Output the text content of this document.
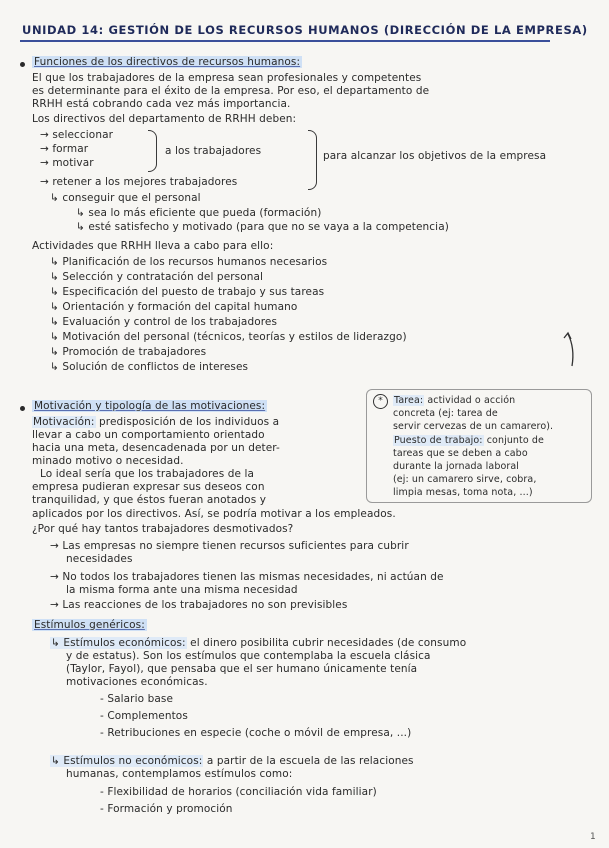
UNIDAD 14: GESTIÓN DE LOS RECURSOS HUMANOS (DIRECCIÓN DE LA EMPRESA)
Funciones de los directivos de recursos humanos:
El que los trabajadores de la empresa sean profesionales y competentes
es determinante para el éxito de la empresa. Por eso, el departamento de
RRHH está cobrando cada vez más importancia.
Los directivos del departamento de RRHH deben:
→ seleccionar
→ formar
→ motivar
a los trabajadores
→ retener a los mejores trabajadores
para alcanzar los objetivos de la empresa
↳ conseguir que el personal
↳ sea lo más eficiente que pueda (formación)
↳ esté satisfecho y motivado (para que no se vaya a la competencia)
Actividades que RRHH lleva a cabo para ello:
↳ Planificación de los recursos humanos necesarios
↳ Selección y contratación del personal
↳ Especificación del puesto de trabajo y sus tareas
↳ Orientación y formación del capital humano
↳ Evaluación y control de los trabajadores
↳ Motivación del personal (técnicos, teorías y estilos de liderazgo)
↳ Promoción de trabajadores
↳ Solución de conflictos de intereses
Motivación y tipología de las motivaciones:
Motivación: predisposición de los individuos a
llevar a cabo un comportamiento orientado
hacia una meta, desencadenada por un deter-
minado motivo o necesidad.
Lo ideal sería que los trabajadores de la
empresa pudieran expresar sus deseos con
tranquilidad, y que éstos fueran anotados y
aplicados por los directivos. Así, se podría motivar a los empleados.
¿Por qué hay tantos trabajadores desmotivados?
→ Las empresas no siempre tienen recursos suficientes para cubrir
necesidades
→ No todos los trabajadores tienen las mismas necesidades, ni actúan de
la misma forma ante una misma necesidad
→ Las reacciones de los trabajadores no son previsibles
*	Tarea: actividad o acción
concreta (ej: tarea de
servir cervezas de un camarero).
Puesto de trabajo: conjunto de
tareas que se deben a cabo
durante la jornada laboral
(ej: un camarero sirve, cobra,
limpia mesas, toma nota, ...)
Estímulos genéricos:
↳ Estímulos económicos: el dinero posibilita cubrir necesidades (de consumo
y de estatus). Son los estímulos que contemplaba la escuela clásica
(Taylor, Fayol), que pensaba que el ser humano únicamente tenía
motivaciones económicas.
- Salario base
- Complementos
- Retribuciones en especie (coche o móvil de empresa, ...)
↳ Estímulos no económicos: a partir de la escuela de las relaciones
humanas, contemplamos estímulos como:
- Flexibilidad de horarios (conciliación vida familiar)
- Formación y promoción
1
